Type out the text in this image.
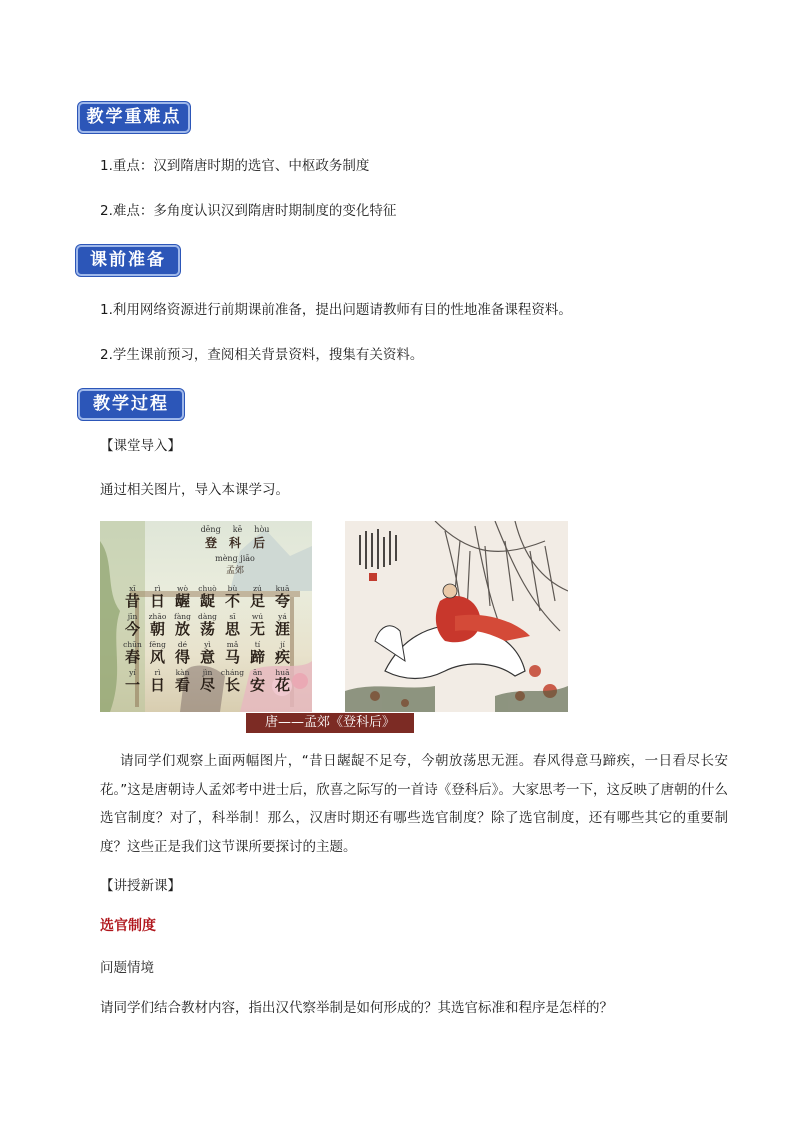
教学重难点
1.重点：汉到隋唐时期的选官、中枢政务制度
2.难点：多角度认识汉到隋唐时期制度的变化特征
课前准备
1.利用网络资源进行前期课前准备，提出问题请教师有目的性地准备课程资料。
2.学生课前预习，查阅相关背景资料，搜集有关资料。
教学过程
【课堂导入】
通过相关图片，导入本课学习。
dēng kē hòu
登 科 后
mèng jiāo
孟郊
xī	rì	wò	chuò	bù	zú	kuā
昔 日 龌 龊 不 足 夸
jīn	zhāo	fàng dàng	sī	wú	yá
今 朝 放 荡 思 无 涯
chūn fēng	dé	yì	mǎ	tí	jí
春 风 得 意 马 蹄 疾
yí	rì	kàn	jìn	cháng	ān	huā
一 日 看 尽 长 安 花
唐——孟郊《登科后》
请同学们观察上面两幅图片，“昔日龌龊不足夸，今朝放荡思无涯。春风得意马蹄疾，一日看尽长安花。”这是唐朝诗人孟郊考中进士后，欣喜之际写的一首诗《登科后》。大家思考一下，这反映了唐朝的什么选官制度？对了，科举制！那么，汉唐时期还有哪些选官制度？除了选官制度，还有哪些其它的重要制度？这些正是我们这节课所要探讨的主题。
【讲授新课】
选官制度
问题情境
请同学们结合教材内容，指出汉代察举制是如何形成的？其选官标准和程序是怎样的？
